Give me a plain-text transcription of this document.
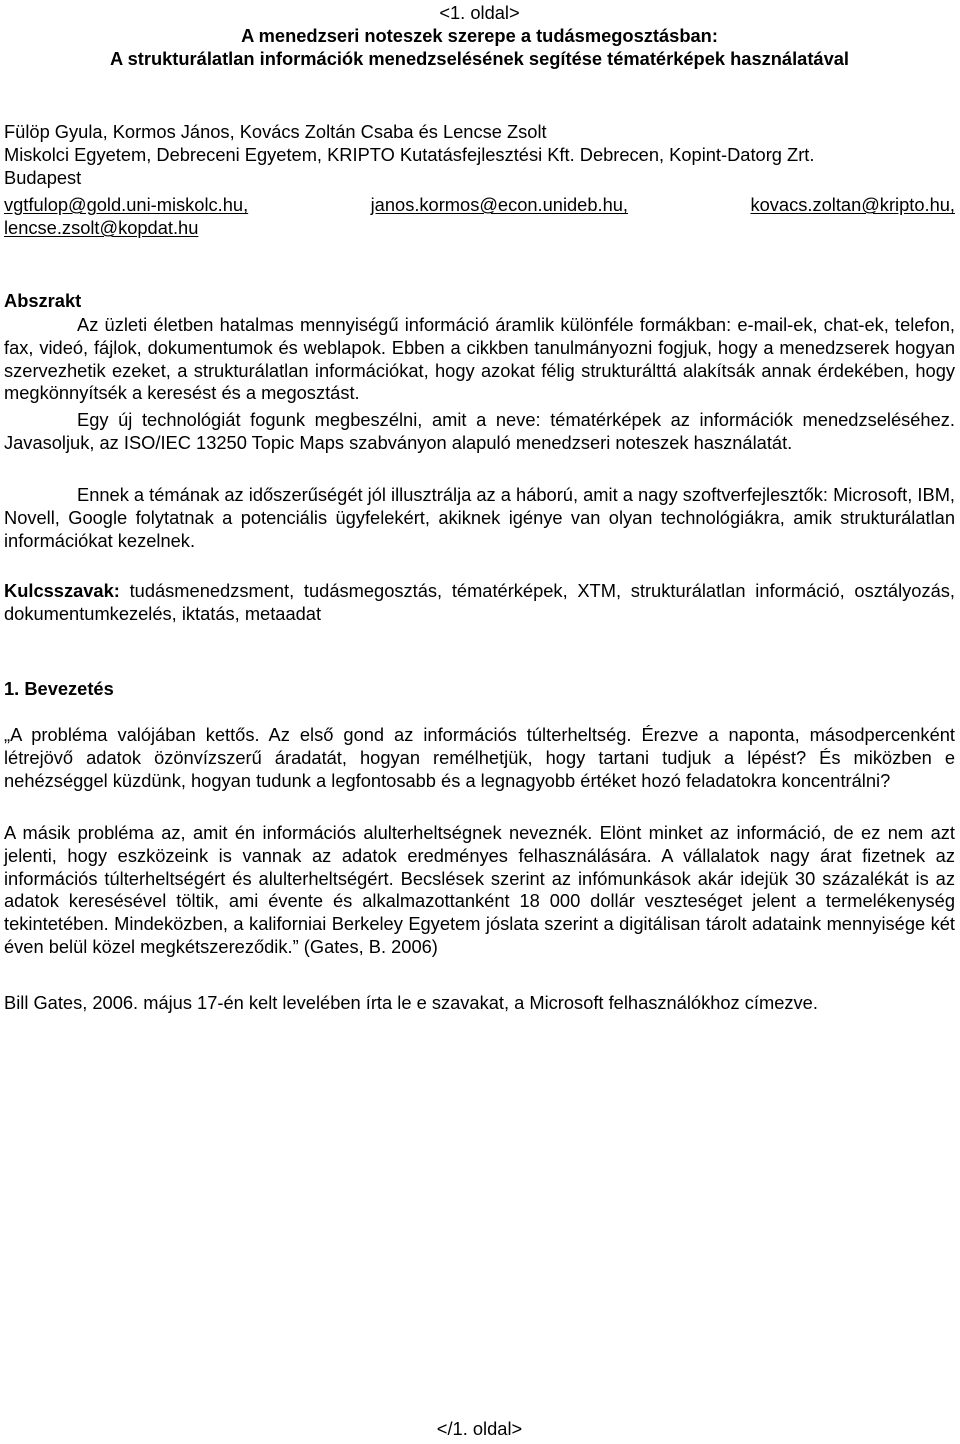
<1. oldal>
A menedzseri noteszek szerepe a tudásmegosztásban:
A strukturálatlan információk menedzselésének segítése tématérképek használatával
Fülöp Gyula, Kormos János, Kovács Zoltán Csaba és Lencse Zsolt
Miskolci Egyetem, Debreceni Egyetem, KRIPTO Kutatásfejlesztési Kft. Debrecen, Kopint-Datorg Zrt.
Budapest
vgtfulop@gold.uni-miskolc.hu,	janos.kormos@econ.unideb.hu,	kovacs.zoltan@kripto.hu,
lencse.zsolt@kopdat.hu
Abszrakt

Az üzleti életben hatalmas mennyiségű információ áramlik különféle formákban: e-mail-ek, chat-ek, telefon, fax, videó, fájlok, dokumentumok és weblapok. Ebben a cikkben tanulmányozni fogjuk, hogy a menedzserek hogyan szervezhetik ezeket, a strukturálatlan információkat, hogy azokat félig strukturálttá alakítsák annak érdekében, hogy megkönnyítsék a keresést és a megosztást.

Egy új technológiát fogunk megbeszélni, amit a neve: tématérképek az információk menedzseléséhez. Javasoljuk, az ISO/IEC 13250 Topic Maps szabványon alapuló menedzseri noteszek használatát.

Ennek a témának az időszerűségét jól illusztrálja az a háború, amit a nagy szoftverfejlesztők: Microsoft, IBM, Novell, Google folytatnak a potenciális ügyfelekért, akiknek igénye van olyan technológiákra, amik strukturálatlan információkat kezelnek.

Kulcsszavak: tudásmenedzsment, tudásmegosztás, tématérképek, XTM, strukturálatlan információ, osztályozás, dokumentumkezelés, iktatás, metaadat

1. Bevezetés

„A probléma valójában kettős. Az első gond az információs túlterheltség. Érezve a naponta, másodpercenként létrejövő adatok özönvízszerű áradatát, hogyan remélhetjük, hogy tartani tudjuk a lépést? És miközben e nehézséggel küzdünk, hogyan tudunk a legfontosabb és a legnagyobb értéket hozó feladatokra koncentrálni?

A másik probléma az, amit én információs alulterheltségnek neveznék. Elönt minket az információ, de ez nem azt jelenti, hogy eszközeink is vannak az adatok eredményes felhasználására. A vállalatok nagy árat fizetnek az információs túlterheltségért és alulterheltségért. Becslések szerint az infómunkások akár idejük 30 százalékát is az adatok keresésével töltik, ami évente és alkalmazottanként 18 000 dollár veszteséget jelent a termelékenység tekintetében. Mindeközben, a kaliforniai Berkeley Egyetem jóslata szerint a digitálisan tárolt adataink mennyisége két éven belül közel megkétszereződik.” (Gates, B. 2006)

Bill Gates, 2006. május 17-én kelt levelében írta le e szavakat, a Microsoft felhasználókhoz címezve.

</1. oldal>
